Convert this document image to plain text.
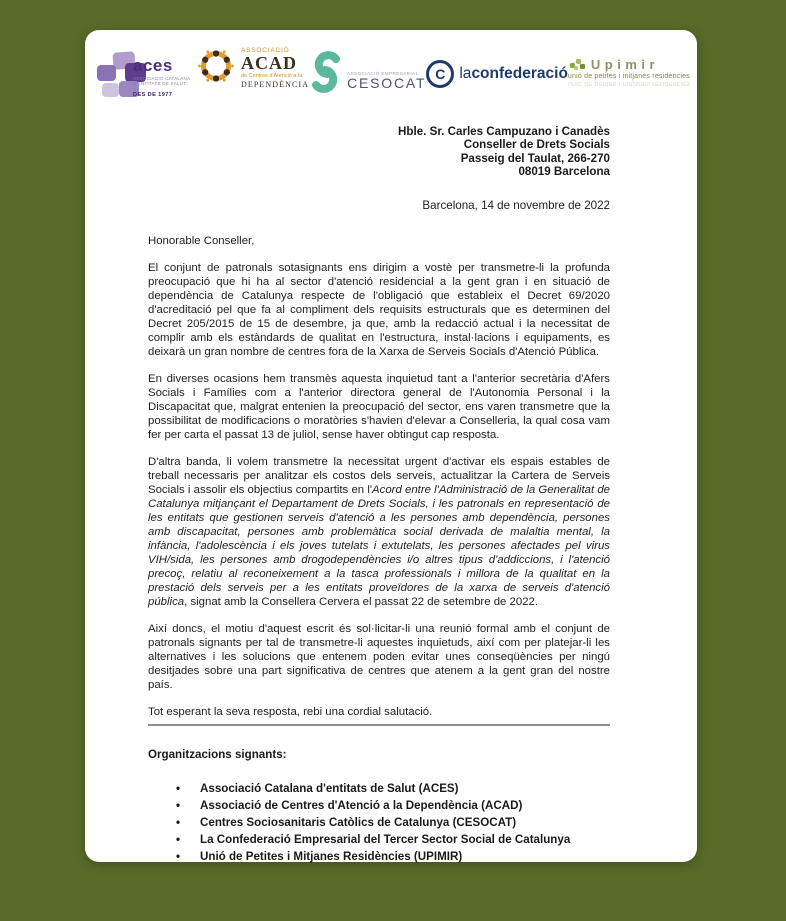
aces
ASSOCIACIÓ CATALANA
D'ENTITATS DE SALUT
DES DE 1977
ASSOCIACIÓ
ACAD
de Centres d'Atenció a la
DEPENDÈNCIA
ASSOCIACIÓ EMPRESARIAL
CESOCAT
C laconfederació
Upimir
unió de petites i mitjanes residències
unió de petites i mitjanes residències
Hble. Sr. Carles Campuzano i Canadès
Conseller de Drets Socials
Passeig del Taulat, 266-270
08019 Barcelona
Barcelona, 14 de novembre de 2022

Honorable Conseller,

El conjunt de patronals sotasignants ens dirigim a vostè per transmetre-li la profunda preocupació que hi ha al sector d'atenció residencial a la gent gran i en situació de dependència de Catalunya respecte de l'obligació que estableix el Decret 69/2020 d'acreditació pel que fa al compliment dels requisits estructurals que es determinen del Decret 205/2015 de 15 de desembre, ja que, amb la redacció actual i la necessitat de complir amb els estàndards de qualitat en l'estructura, instal·lacions i equipaments, es deixarà un gran nombre de centres fora de la Xarxa de Serveis Socials d'Atenció Pública.

En diverses ocasions hem transmès aquesta inquietud tant a l'anterior secretària d'Afers Socials i Famílies com a l'anterior directora general de l'Autonomia Personal i la Discapacitat que, malgrat entenien la preocupació del sector, ens varen transmetre que la possibilitat de modificacions o moratòries s'havien d'elevar a Conselleria, la qual cosa vam fer per carta el passat 13 de juliol, sense haver obtingut cap resposta.

D'altra banda, li volem transmetre la necessitat urgent d'activar els espais estables de treball necessaris per analitzar els costos dels serveis, actualitzar la Cartera de Serveis Socials i assolir els objectius compartits en l'Acord entre l'Administració de la Generalitat de Catalunya mitjançant el Departament de Drets Socials, i les patronals en representació de les entitats que gestionen serveis d'atenció a les persones amb dependència, persones amb discapacitat, persones amb problemàtica social derivada de malaltia mental, la infància, l'adolescència i els joves tutelats i extutelats, les persones afectades pel virus VIH/sida, les persones amb drogodependències i/o altres tipus d'addiccions, i l'atenció precoç, relatiu al reconeixement a la tasca professionals i millora de la qualitat en la prestació dels serveis per a les entitats proveïdores de la xarxa de serveis d'atenció pública, signat amb la Consellera Cervera el passat 22 de setembre de 2022.

Així doncs, el motiu d'aquest escrit és sol·licitar-li una reunió formal amb el conjunt de patronals signants per tal de transmetre-li aquestes inquietuds, així com per platejar-li les alternatives i les solucions que entenem poden evitar unes conseqüències per ningú desitjades sobre una part significativa de centres que atenem a la gent gran del nostre país.

Tot esperant la seva resposta, rebi una cordial salutació.

Organitzacions signants:
• Associació Catalana d'entitats de Salut (ACES)
• Associació de Centres d'Atenció a la Dependència (ACAD)
• Centres Sociosanitaris Catòlics de Catalunya (CESOCAT)
• La Confederació Empresarial del Tercer Sector Social de Catalunya
• Unió de Petites i Mitjanes Residències (UPIMIR)
